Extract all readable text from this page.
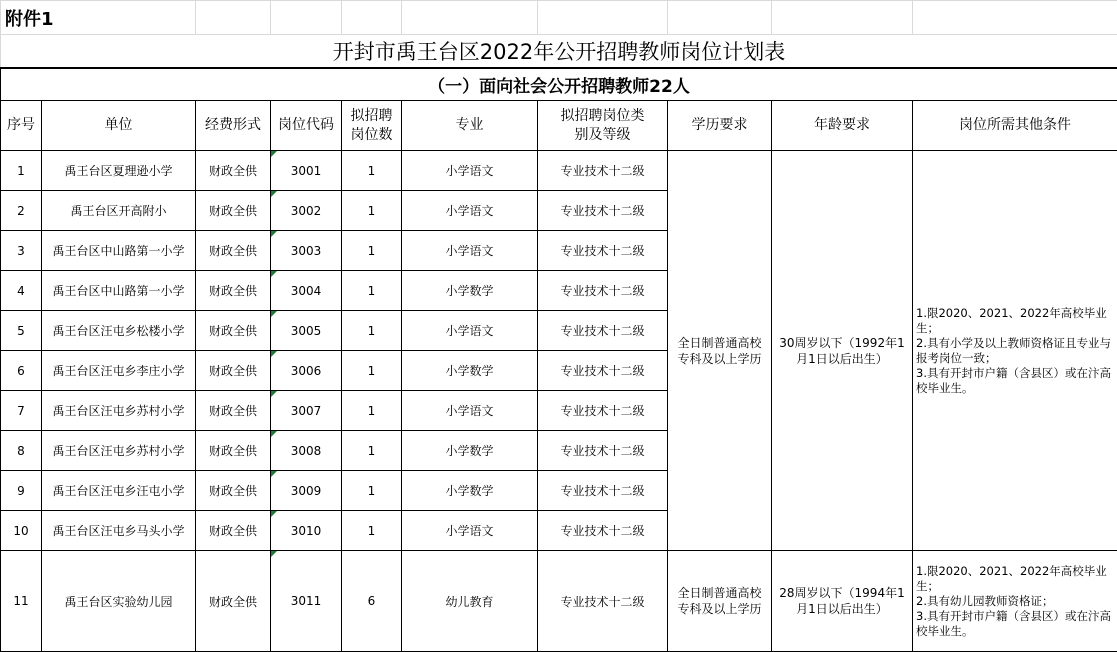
附件1								
开封市禹王台区2022年公开招聘教师岗位计划表
（一）面向社会公开招聘教师22人									
序号	单位	经费形式	岗位代码	拟招聘岗位数	专业	拟招聘岗位类别及等级	学历要求	年龄要求	岗位所需其他条件
1	禹王台区夏理逊小学	财政全供	3001	1	小学语文	专业技术十二级	全日制普通高校专科及以上学历	30周岁以下（1992年1月1日以后出生）	1.限2020、2021、2022年高校毕业生；
2.具有小学及以上教师资格证且专业与报考岗位一致；
3.具有开封市户籍（含县区）或在汴高校毕业生。

2	禹王台区开高附小	财政全供	3002	1	小学语文	专业技术十二级			
3	禹王台区中山路第一小学	财政全供	3003	1	小学语文	专业技术十二级			
4	禹王台区中山路第一小学	财政全供	3004	1	小学数学	专业技术十二级			
5	禹王台区汪屯乡松楼小学	财政全供	3005	1	小学语文	专业技术十二级			
6	禹王台区汪屯乡李庄小学	财政全供	3006	1	小学数学	专业技术十二级			
7	禹王台区汪屯乡苏村小学	财政全供	3007	1	小学语文	专业技术十二级			
8	禹王台区汪屯乡苏村小学	财政全供	3008	1	小学数学	专业技术十二级			
9	禹王台区汪屯乡汪屯小学	财政全供	3009	1	小学数学	专业技术十二级			
10	禹王台区汪屯乡马头小学	财政全供	3010	1	小学语文	专业技术十二级			
11	禹王台区实验幼儿园	财政全供	3011	6	幼儿教育	专业技术十二级	全日制普通高校专科及以上学历	28周岁以下（1994年1月1日以后出生）	1.限2020、2021、2022年高校毕业生；
2.具有幼儿园教师资格证；
3.具有开封市户籍（含县区）或在汴高校毕业生。
